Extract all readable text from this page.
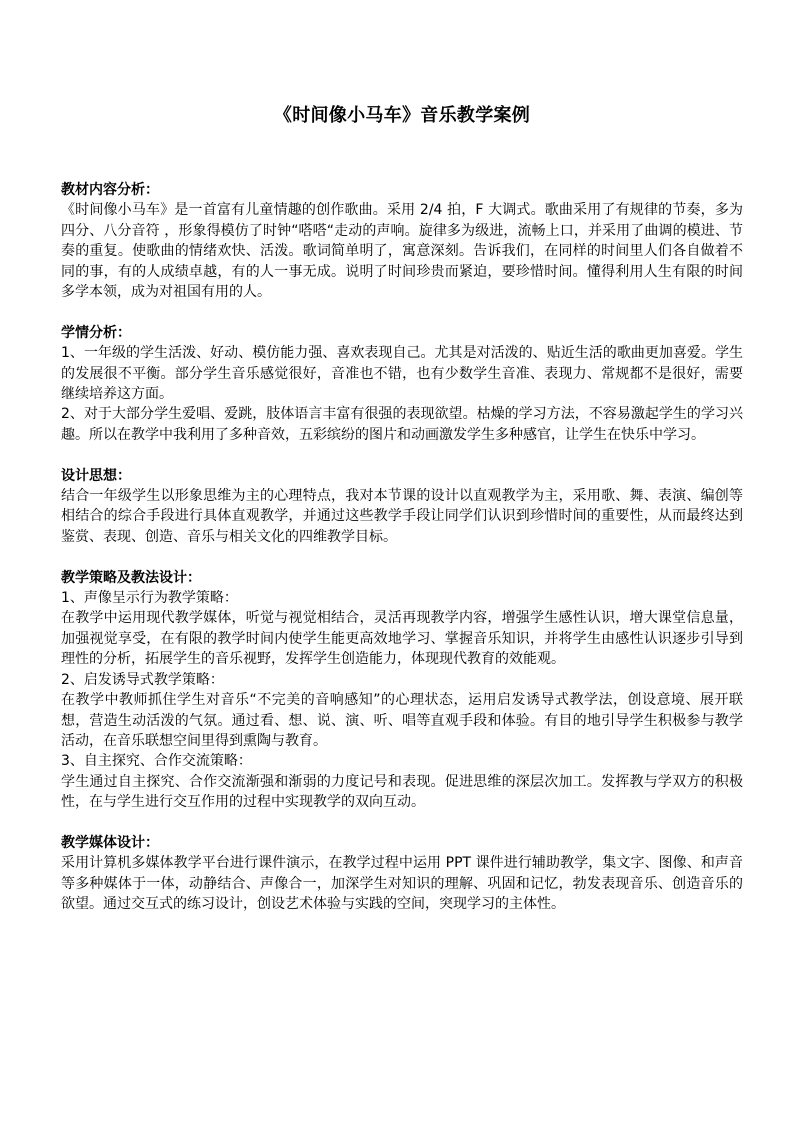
《时间像小马车》音乐教学案例
教材内容分析：

《时间像小马车》是一首富有儿童情趣的创作歌曲。采用 2/4 拍，F 大调式。歌曲采用了有规律的节奏，多为四分、八分音符 ，形象得模仿了时钟“嗒嗒“走动的声响。旋律多为级进，流畅上口，并采用了曲调的模进、节奏的重复。使歌曲的情绪欢快、活泼。歌词简单明了，寓意深刻。告诉我们，在同样的时间里人们各自做着不同的事，有的人成绩卓越，有的人一事无成。说明了时间珍贵而紧迫，要珍惜时间。懂得利用人生有限的时间多学本领，成为对祖国有用的人。

学情分析：

1、一年级的学生活泼、好动、模仿能力强、喜欢表现自己。尤其是对活泼的、贴近生活的歌曲更加喜爱。学生的发展很不平衡。部分学生音乐感觉很好，音准也不错，也有少数学生音准、表现力、常规都不是很好，需要继续培养这方面。

2、对于大部分学生爱唱、爱跳，肢体语言丰富有很强的表现欲望。枯燥的学习方法，不容易激起学生的学习兴趣。所以在教学中我利用了多种音效，五彩缤纷的图片和动画激发学生多种感官，让学生在快乐中学习。

设计思想：

结合一年级学生以形象思维为主的心理特点，我对本节课的设计以直观教学为主，采用歌、舞、表演、编创等相结合的综合手段进行具体直观教学，并通过这些教学手段让同学们认识到珍惜时间的重要性，从而最终达到鉴赏、表现、创造、音乐与相关文化的四维教学目标。

教学策略及教法设计：

1、声像呈示行为教学策略：

在教学中运用现代教学媒体，听觉与视觉相结合，灵活再现教学内容，增强学生感性认识，增大课堂信息量，加强视觉享受，在有限的教学时间内使学生能更高效地学习、掌握音乐知识，并将学生由感性认识逐步引导到理性的分析，拓展学生的音乐视野，发挥学生创造能力，体现现代教育的效能观。

2、启发诱导式教学策略：

在教学中教师抓住学生对音乐“不完美的音响感知”的心理状态，运用启发诱导式教学法，创设意境、展开联想，营造生动活泼的气氛。通过看、想、说、演、听、唱等直观手段和体验。有目的地引导学生积极参与教学活动，在音乐联想空间里得到熏陶与教育。

3、自主探究、合作交流策略：

学生通过自主探究、合作交流渐强和渐弱的力度记号和表现。促进思维的深层次加工。发挥教与学双方的积极性，在与学生进行交互作用的过程中实现教学的双向互动。

教学媒体设计：

采用计算机多媒体教学平台进行课件演示，在教学过程中运用 PPT 课件进行辅助教学，集文字、图像、和声音等多种媒体于一体，动静结合、声像合一，加深学生对知识的理解、巩固和记忆，勃发表现音乐、创造音乐的欲望。通过交互式的练习设计，创设艺术体验与实践的空间，突现学习的主体性。
